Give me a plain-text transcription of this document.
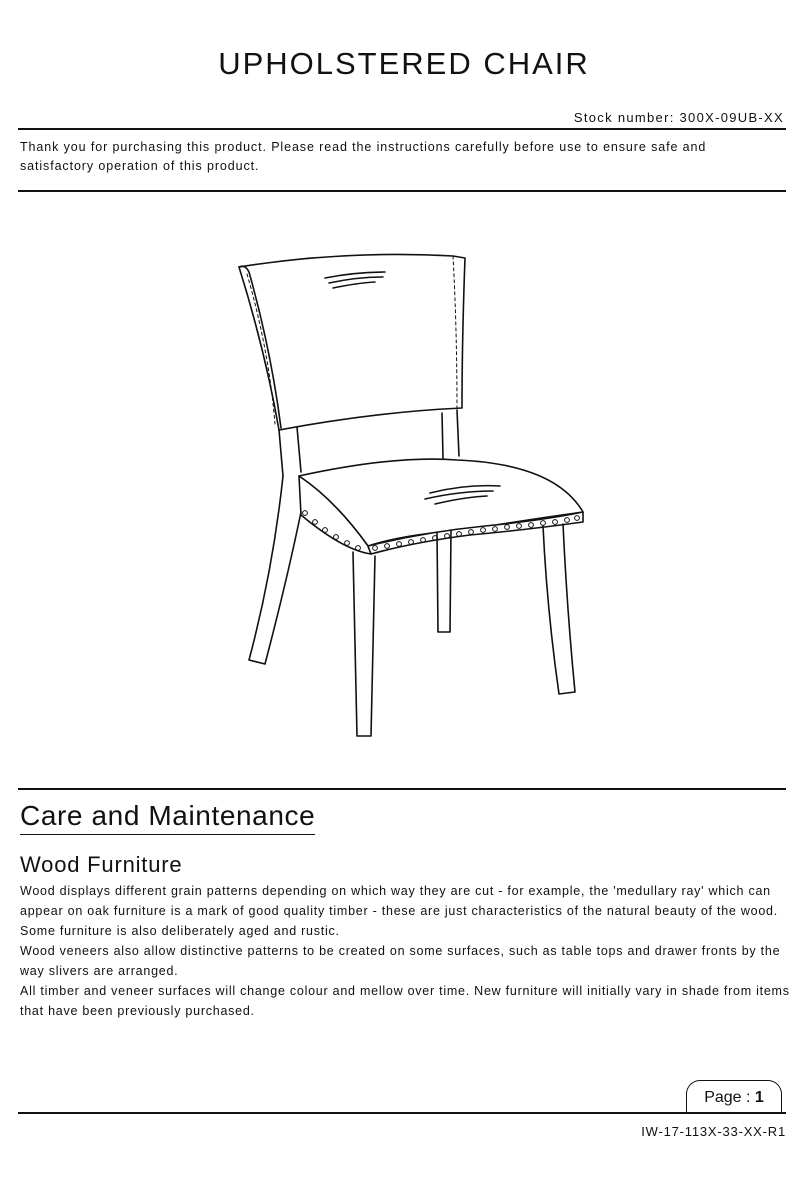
UPHOLSTERED CHAIR
Stock number: 300X-09UB-XX

Thank you for purchasing this product. Please read the instructions carefully before use to ensure safe and
satisfactory operation of this product.

Care and Maintenance
Wood Furniture

Wood displays different grain patterns depending on which way they are cut - for example, the 'medullary ray' which can appear on oak furniture is a mark of good quality timber - these are just characteristics of the natural beauty of the wood.

Some furniture is also deliberately aged and rustic.

Wood veneers also allow distinctive patterns to be created on some surfaces, such as table tops and drawer fronts by the way slivers are arranged.

All timber and veneer surfaces will change colour and mellow over time. New furniture will initially vary in shade from items that have been previously purchased.

Page : 1
IW-17-113X-33-XX-R1
